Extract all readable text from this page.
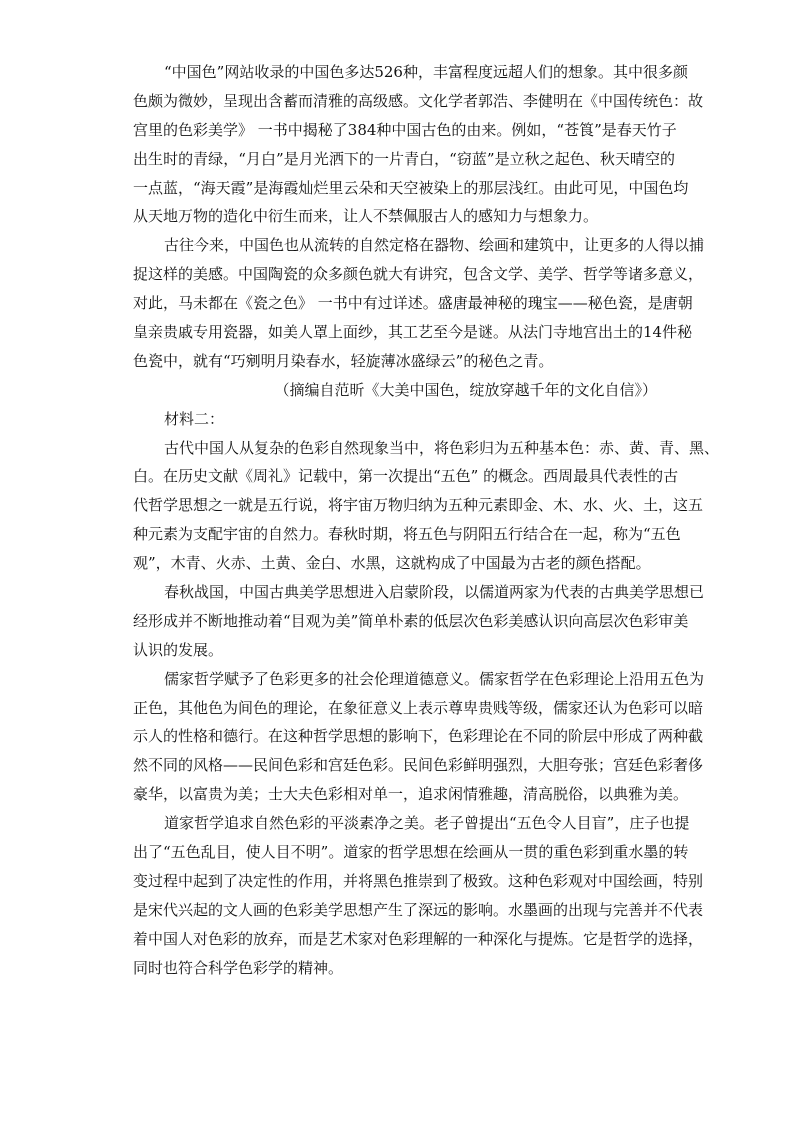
“中国色”网站收录的中国色多达526种，丰富程度远超人们的想象。其中很多颜
色颇为微妙，呈现出含蓄而清雅的高级感。文化学者郭浩、李健明在《中国传统色：故
宫里的色彩美学》 一书中揭秘了384种中国古色的由来。例如，“苍筤”是春天竹子
出生时的青绿，“月白”是月光洒下的一片青白，“窃蓝”是立秋之起色、秋天晴空的
一点蓝，“海天霞”是海霞灿烂里云朵和天空被染上的那层浅红。由此可见，中国色均
从天地万物的造化中衍生而来，让人不禁佩服古人的感知力与想象力。
古往今来，中国色也从流转的自然定格在器物、绘画和建筑中，让更多的人得以捕
捉这样的美感。中国陶瓷的众多颜色就大有讲究，包含文学、美学、哲学等诸多意义，
对此，马未都在《瓷之色》 一书中有过详述。盛唐最神秘的瑰宝——秘色瓷，是唐朝
皇亲贵戚专用瓷器，如美人罩上面纱，其工艺至今是谜。从法门寺地宫出土的14件秘
色瓷中，就有“巧剜明月染春水，轻旋薄冰盛绿云”的秘色之青。
（摘编自范昕《大美中国色，绽放穿越千年的文化自信》）
材料二：
古代中国人从复杂的色彩自然现象当中，将色彩归为五种基本色：赤、黄、青、黑、
白。在历史文献《周礼》记载中，第一次提出“五色” 的概念。西周最具代表性的古
代哲学思想之一就是五行说，将宇宙万物归纳为五种元素即金、木、水、火、土，这五
种元素为支配宇宙的自然力。春秋时期，将五色与阴阳五行结合在一起，称为“五色
观”，木青、火赤、土黄、金白、水黑，这就构成了中国最为古老的颜色搭配。
春秋战国，中国古典美学思想进入启蒙阶段，以儒道两家为代表的古典美学思想已
经形成并不断地推动着“目观为美”简单朴素的低层次色彩美感认识向高层次色彩审美
认识的发展。
儒家哲学赋予了色彩更多的社会伦理道德意义。儒家哲学在色彩理论上沿用五色为
正色，其他色为间色的理论，在象征意义上表示尊卑贵贱等级，儒家还认为色彩可以暗
示人的性格和德行。在这种哲学思想的影响下，色彩理论在不同的阶层中形成了两种截
然不同的风格——民间色彩和宫廷色彩。民间色彩鲜明强烈，大胆夸张；宫廷色彩奢侈
豪华，以富贵为美；士大夫色彩相对单一，追求闲情雅趣，清高脱俗，以典雅为美。
道家哲学追求自然色彩的平淡素净之美。老子曾提出“五色令人目盲”，庄子也提
出了“五色乱目，使人目不明”。道家的哲学思想在绘画从一贯的重色彩到重水墨的转
变过程中起到了决定性的作用，并将黑色推崇到了极致。这种色彩观对中国绘画，特别
是宋代兴起的文人画的色彩美学思想产生了深远的影响。水墨画的出现与完善并不代表
着中国人对色彩的放弃，而是艺术家对色彩理解的一种深化与提炼。它是哲学的选择，
同时也符合科学色彩学的精神。
